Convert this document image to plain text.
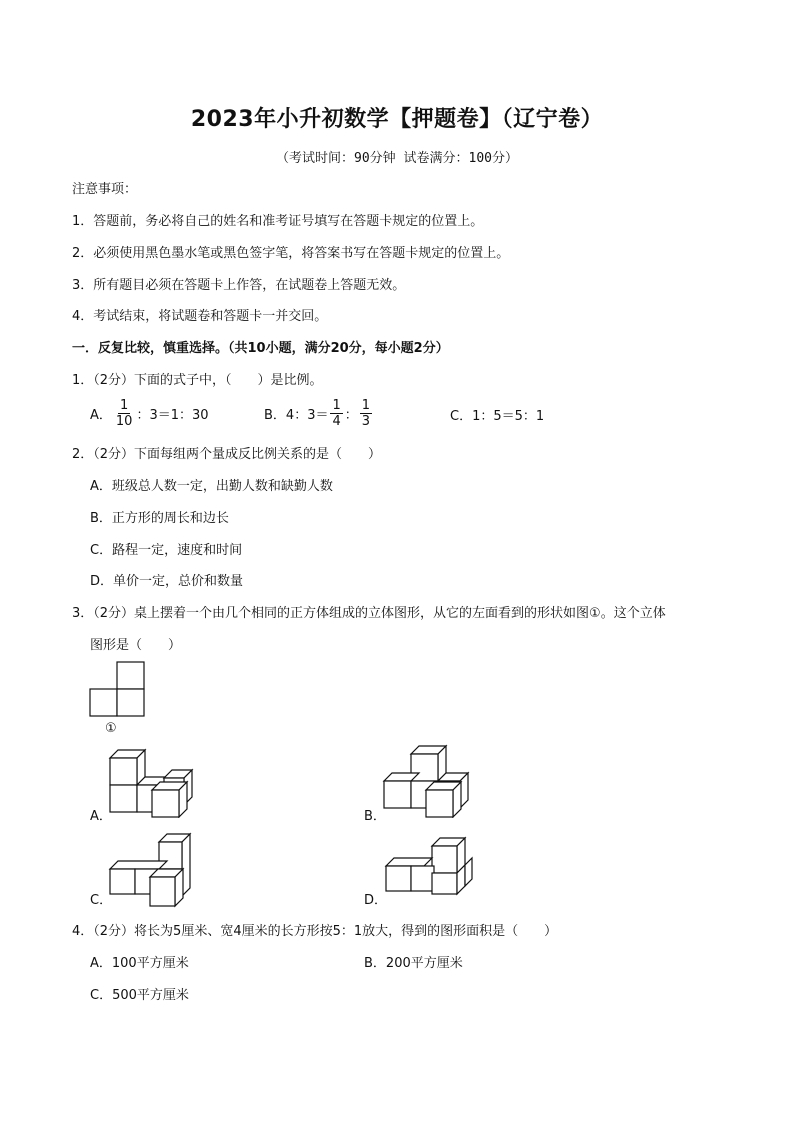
2023年小升初数学【押题卷】（辽宁卷）
（考试时间：90分钟 试卷满分：100分）
注意事项：
1．答题前，务必将自己的姓名和准考证号填写在答题卡规定的位置上。
2．必须使用黑色墨水笔或黑色签字笔，将答案书写在答题卡规定的位置上。
3．所有题目必须在答题卡上作答，在试题卷上答题无效。
4．考试结束，将试题卷和答题卡一并交回。
一．反复比较，慎重选择。（共10小题，满分20分，每小题2分）
1．（2分）下面的式子中，（　　）是比例。
A． $\frac{1}{10}$ ：3＝1：30	B．4：$3= \frac{1}{4}$ ： $\frac{1}{3}$	C．1：5＝5：1
2．（2分）下面每组两个量成反比例关系的是（　　）
A．班级总人数一定，出勤人数和缺勤人数
B．正方形的周长和边长
C．路程一定，速度和时间
D．单价一定，总价和数量
3．（2分）桌上摆着一个由几个相同的正方体组成的立体图形，从它的左面看到的形状如图①。这个立体
图形是（　　）
①
A．	B．
C．	D．
4．（2分）将长为5厘米、宽4厘米的长方形按5：1放大，得到的图形面积是（　　）
A．100平方厘米	B．200平方厘米
C．500平方厘米
